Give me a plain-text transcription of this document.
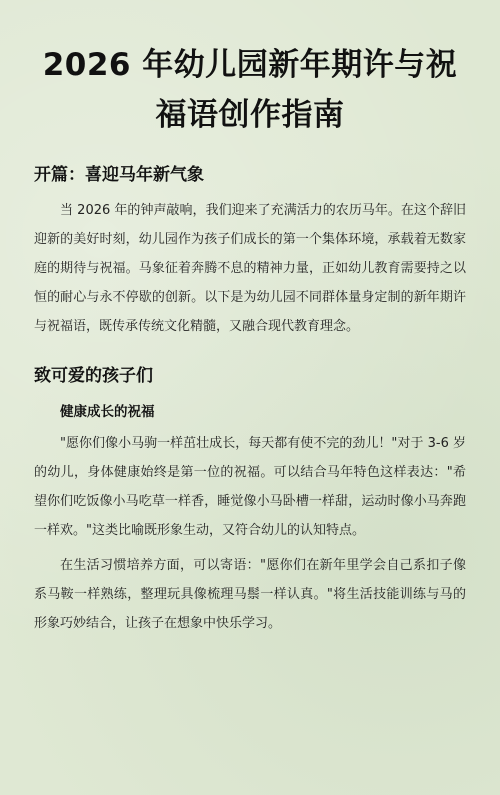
2026 年幼儿园新年期许与祝福语创作指南
开篇：喜迎马年新气象

当 2026 年的钟声敲响，我们迎来了充满活力的农历马年。在这个辞旧迎新的美好时刻，幼儿园作为孩子们成长的第一个集体环境，承载着无数家庭的期待与祝福。马象征着奔腾不息的精神力量，正如幼儿教育需要持之以恒的耐心与永不停歇的创新。以下是为幼儿园不同群体量身定制的新年期许与祝福语，既传承传统文化精髓，又融合现代教育理念。

致可爱的孩子们
健康成长的祝福

"愿你们像小马驹一样茁壮成长，每天都有使不完的劲儿！"对于 3-6 岁的幼儿，身体健康始终是第一位的祝福。可以结合马年特色这样表达："希望你们吃饭像小马吃草一样香，睡觉像小马卧槽一样甜，运动时像小马奔跑一样欢。"这类比喻既形象生动，又符合幼儿的认知特点。

在生活习惯培养方面，可以寄语："愿你们在新年里学会自己系扣子像系马鞍一样熟练，整理玩具像梳理马鬃一样认真。"将生活技能训练与马的形象巧妙结合，让孩子在想象中快乐学习。
